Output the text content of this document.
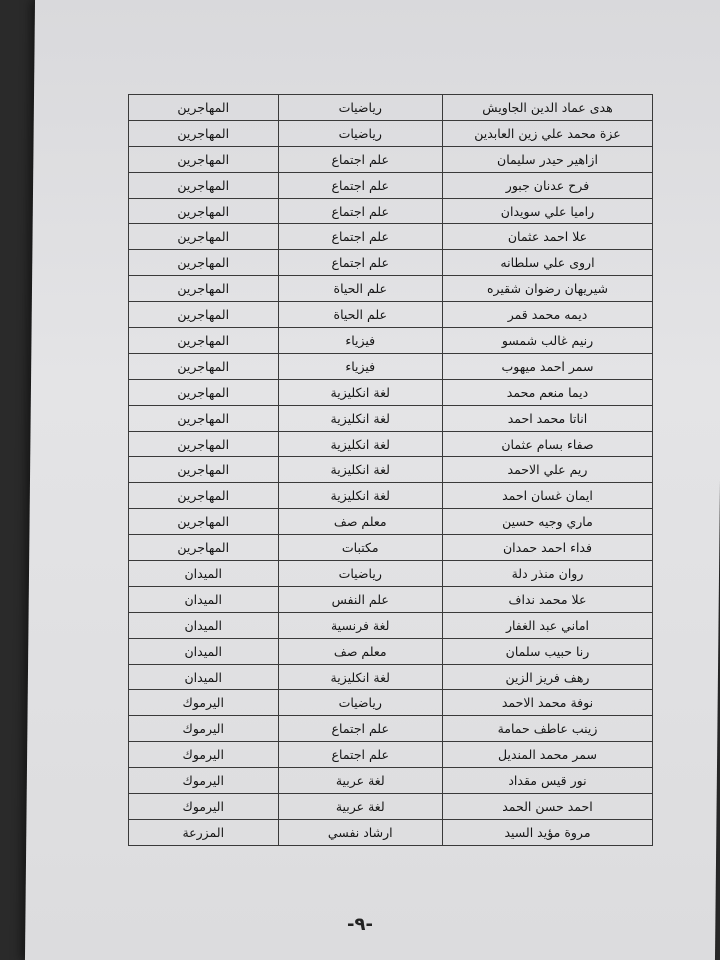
هدى عماد الدين الجاويش	رياضيات	المهاجرين
عزة محمد علي زين العابدين	رياضيات	المهاجرين
ازاهير حيدر سليمان	علم اجتماع	المهاجرين
فرح عدنان جبور	علم اجتماع	المهاجرين
راميا علي سويدان	علم اجتماع	المهاجرين
علا احمد عثمان	علم اجتماع	المهاجرين
اروى علي سلطانه	علم اجتماع	المهاجرين
شيريهان رضوان شقيره	علم الحياة	المهاجرين
ديمه محمد قمر	علم الحياة	المهاجرين
رنيم غالب شمسو	فيزياء	المهاجرين
سمر احمد ميهوب	فيزياء	المهاجرين
ديما منعم محمد	لغة انكليزية	المهاجرين
اناتا محمد احمد	لغة انكليزية	المهاجرين
صفاء بسام عثمان	لغة انكليزية	المهاجرين
ريم علي الاحمد	لغة انكليزية	المهاجرين
ايمان غسان احمد	لغة انكليزية	المهاجرين
ماري وجيه حسين	معلم صف	المهاجرين
فداء احمد حمدان	مكتبات	المهاجرين
روان منذر دلة	رياضيات	الميدان
علا محمد نداف	علم النفس	الميدان
اماني عبد الغفار	لغة فرنسية	الميدان
رنا حبيب سلمان	معلم صف	الميدان
رهف فريز الزين	لغة انكليزية	الميدان
نوفة محمد الاحمد	رياضيات	اليرموك
زينب عاطف حمامة	علم اجتماع	اليرموك
سمر محمد المنديل	علم اجتماع	اليرموك
نور قيس مقداد	لغة عربية	اليرموك
احمد حسن الحمد	لغة عربية	اليرموك
مروة مؤيد السيد	ارشاد نفسي	المزرعة
-٩-
